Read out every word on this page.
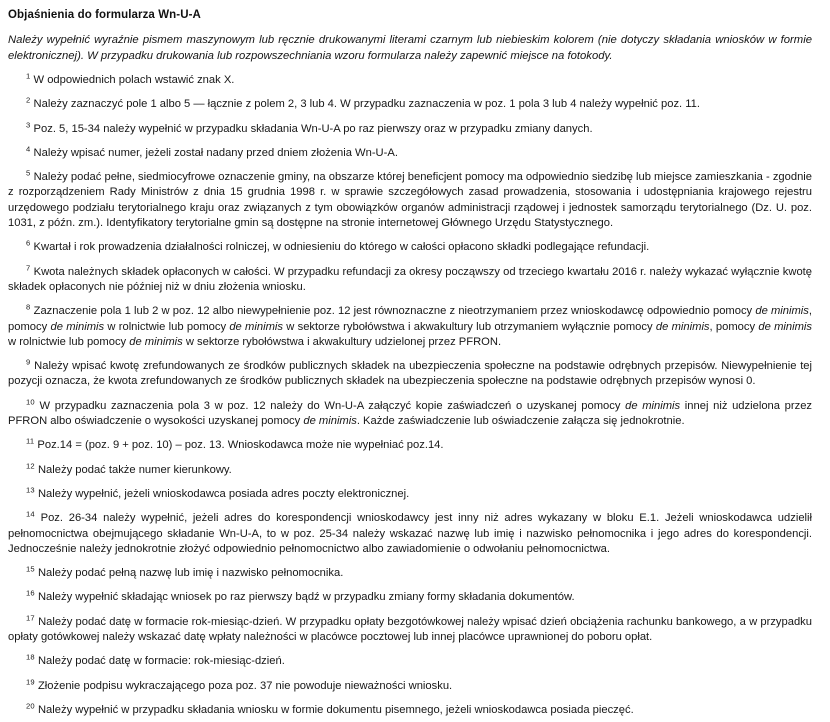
Objaśnienia do formularza Wn-U-A

Należy wypełnić wyraźnie pismem maszynowym lub ręcznie drukowanymi literami czarnym lub niebieskim kolorem (nie dotyczy składania wniosków w formie elektronicznej). W przypadku drukowania lub rozpowszechniania wzoru formularza należy zapewnić miejsce na fotokody.

$^1$ W odpowiednich polach wstawić znak X.

$^2$ Należy zaznaczyć pole 1 albo 5 — łącznie z polem 2, 3 lub 4. W przypadku zaznaczenia w poz. 1 pola 3 lub 4 należy wypełnić poz. 11.

$^3$ Poz. 5, 15-34 należy wypełnić w przypadku składania Wn-U-A po raz pierwszy oraz w przypadku zmiany danych.

$^4$ Należy wpisać numer, jeżeli został nadany przed dniem złożenia Wn-U-A.

$^5$ Należy podać pełne, siedmiocyfrowe oznaczenie gminy, na obszarze której beneficjent pomocy ma odpowiednio siedzibę lub miejsce zamieszkania - zgodnie z rozporządzeniem Rady Ministrów z dnia 15 grudnia 1998 r. w sprawie szczegółowych zasad prowadzenia, stosowania i udostępniania krajowego rejestru urzędowego podziału terytorialnego kraju oraz związanych z tym obowiązków organów administracji rządowej i jednostek samorządu terytorialnego (Dz. U. poz. 1031, z późn. zm.). Identyfikatory terytorialne gmin są dostępne na stronie internetowej Głównego Urzędu Statystycznego.

$^6$ Kwartał i rok prowadzenia działalności rolniczej, w odniesieniu do którego w całości opłacono składki podlegające refundacji.

$^7$ Kwota należnych składek opłaconych w całości. W przypadku refundacji za okresy począwszy od trzeciego kwartału 2016 r. należy wykazać wyłącznie kwotę składek opłaconych nie później niż w dniu złożenia wniosku.

$^8$ Zaznaczenie pola 1 lub 2 w poz. 12 albo niewypełnienie poz. 12 jest równoznaczne z nieotrzymaniem przez wnioskodawcę odpowiednio pomocy de minimis, pomocy de minimis w rolnictwie lub pomocy de minimis w sektorze rybołówstwa i akwakultury lub otrzymaniem wyłącznie pomocy de minimis, pomocy de minimis w rolnictwie lub pomocy de minimis w sektorze rybołówstwa i akwakultury udzielonej przez PFRON.

$^9$ Należy wpisać kwotę zrefundowanych ze środków publicznych składek na ubezpieczenia społeczne na podstawie odrębnych przepisów. Niewypełnienie tej pozycji oznacza, że kwota zrefundowanych ze środków publicznych składek na ubezpieczenia społeczne na podstawie odrębnych przepisów wynosi 0.

$^{10}$ W przypadku zaznaczenia pola 3 w poz. 12 należy do Wn-U-A załączyć kopie zaświadczeń o uzyskanej pomocy de minimis innej niż udzielona przez PFRON albo oświadczenie o wysokości uzyskanej pomocy de minimis. Każde zaświadczenie lub oświadczenie załącza się jednokrotnie.

$^{11}$ Poz.14 = (poz. 9 + poz. 10) – poz. 13. Wnioskodawca może nie wypełniać poz.14.

$^{12}$ Należy podać także numer kierunkowy.

$^{13}$ Należy wypełnić, jeżeli wnioskodawca posiada adres poczty elektronicznej.

$^{14}$ Poz. 26-34 należy wypełnić, jeżeli adres do korespondencji wnioskodawcy jest inny niż adres wykazany w bloku E.1. Jeżeli wnioskodawca udzielił pełnomocnictwa obejmującego składanie Wn-U-A, to w poz. 25-34 należy wskazać nazwę lub imię i nazwisko pełnomocnika i jego adres do korespondencji. Jednocześnie należy jednokrotnie złożyć odpowiednio pełnomocnictwo albo zawiadomienie o odwołaniu pełnomocnictwa.

$^{15}$ Należy podać pełną nazwę lub imię i nazwisko pełnomocnika.

$^{16}$ Należy wypełnić składając wniosek po raz pierwszy bądź w przypadku zmiany formy składania dokumentów.

$^{17}$ Należy podać datę w formacie rok-miesiąc-dzień. W przypadku opłaty bezgotówkowej należy wpisać dzień obciążenia rachunku bankowego, a w przypadku opłaty gotówkowej należy wskazać datę wpłaty należności w placówce pocztowej lub innej placówce uprawnionej do poboru opłat.

$^{18}$ Należy podać datę w formacie: rok-miesiąc-dzień.

$^{19}$ Złożenie podpisu wykraczającego poza poz. 37 nie powoduje nieważności wniosku.

$^{20}$ Należy wypełnić w przypadku składania wniosku w formie dokumentu pisemnego, jeżeli wnioskodawca posiada pieczęć.
